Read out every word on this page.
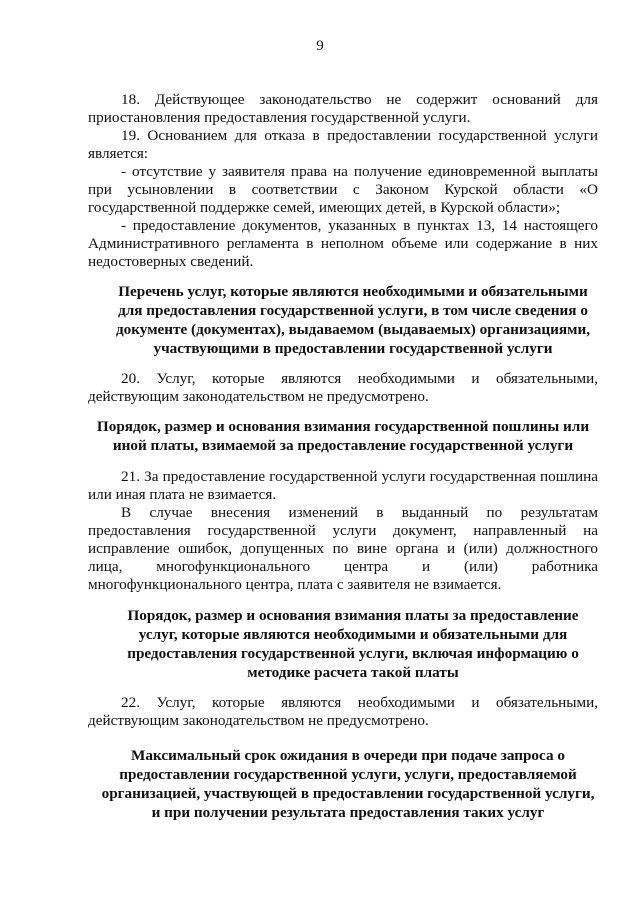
9

18. Действующее законодательство не содержит оснований для приостановления предоставления государственной услуги.

19. Основанием для отказа в предоставлении государственной услуги является:

- отсутствие у заявителя права на получение единовременной выплаты при усыновлении в соответствии с Законом Курской области «О государственной поддержке семей, имеющих детей, в Курской области»;

- предоставление документов, указанных в пунктах 13, 14 настоящего Административного регламента в неполном объеме или содержание в них недостоверных сведений.

Перечень услуг, которые являются необходимыми и обязательными для предоставления государственной услуги, в том числе сведения о документе (документах), выдаваемом (выдаваемых) организациями, участвующими в предоставлении государственной услуги

20. Услуг, которые являются необходимыми и обязательными, действующим законодательством не предусмотрено.

Порядок, размер и основания взимания государственной пошлины или иной платы, взимаемой за предоставление государственной услуги

21. За предоставление государственной услуги государственная пошлина или иная плата не взимается.

В случае внесения изменений в выданный по результатам предоставления государственной услуги документ, направленный на исправление ошибок, допущенных по вине органа и (или) должностного лица, многофункционального центра и (или) работника многофункционального центра, плата с заявителя не взимается.

Порядок, размер и основания взимания платы за предоставление услуг, которые являются необходимыми и обязательными для предоставления государственной услуги, включая информацию о методике расчета такой платы

22. Услуг, которые являются необходимыми и обязательными, действующим законодательством не предусмотрено.

Максимальный срок ожидания в очереди при подаче запроса о предоставлении государственной услуги, услуги, предоставляемой организацией, участвующей в предоставлении государственной услуги, и при получении результата предоставления таких услуг
